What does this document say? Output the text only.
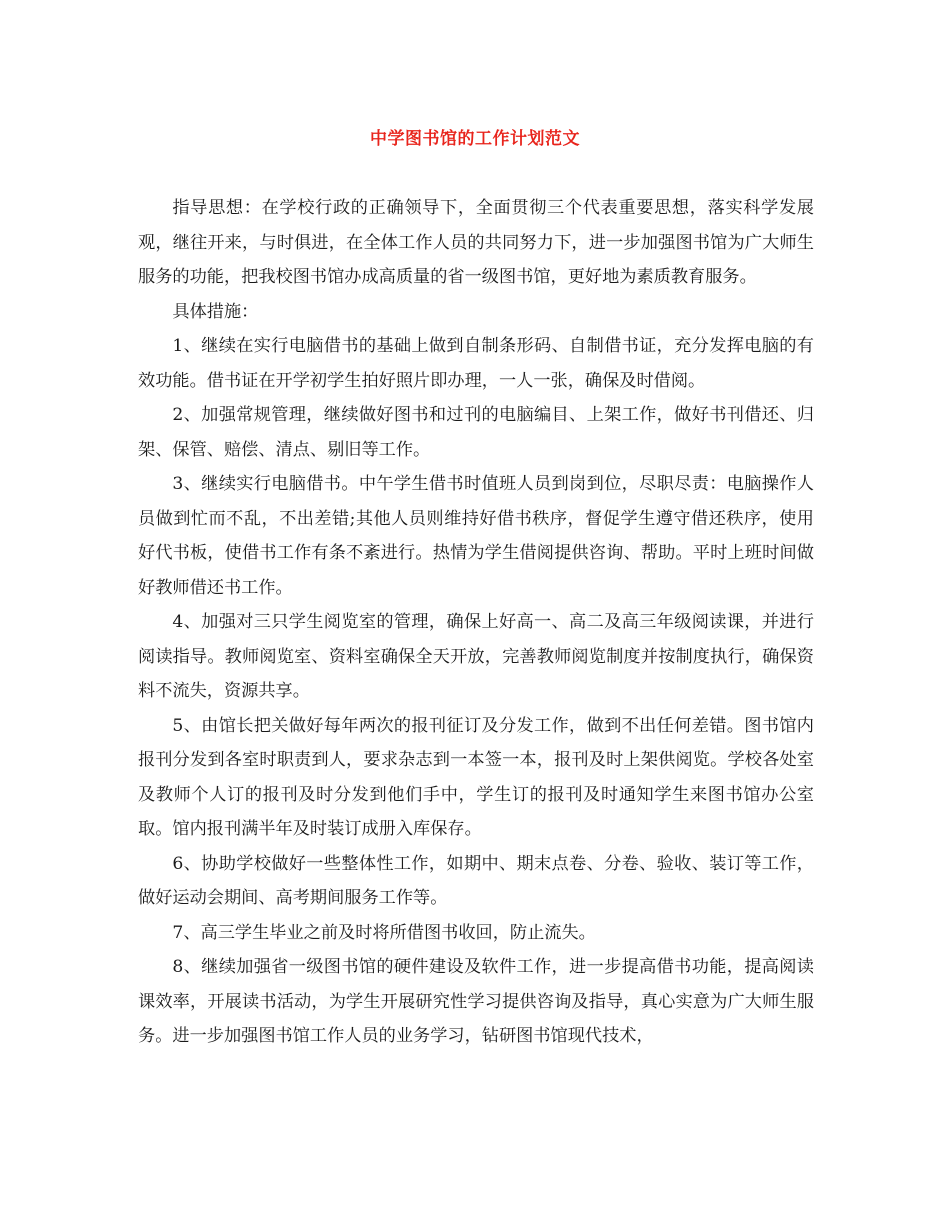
中学图书馆的工作计划范文

指导思想：在学校行政的正确领导下，全面贯彻三个代表重要思想，落实科学发展观，继往开来，与时俱进，在全体工作人员的共同努力下，进一步加强图书馆为广大师生服务的功能，把我校图书馆办成高质量的省一级图书馆，更好地为素质教育服务。

具体措施：

1、继续在实行电脑借书的基础上做到自制条形码、自制借书证，充分发挥电脑的有效功能。借书证在开学初学生拍好照片即办理，一人一张，确保及时借阅。

2、加强常规管理，继续做好图书和过刊的电脑编目、上架工作，做好书刊借还、归架、保管、赔偿、清点、剔旧等工作。

3、继续实行电脑借书。中午学生借书时值班人员到岗到位，尽职尽责：电脑操作人员做到忙而不乱，不出差错;其他人员则维持好借书秩序，督促学生遵守借还秩序，使用好代书板，使借书工作有条不紊进行。热情为学生借阅提供咨询、帮助。平时上班时间做好教师借还书工作。

4、加强对三只学生阅览室的管理，确保上好高一、高二及高三年级阅读课，并进行阅读指导。教师阅览室、资料室确保全天开放，完善教师阅览制度并按制度执行，确保资料不流失，资源共享。

5、由馆长把关做好每年两次的报刊征订及分发工作，做到不出任何差错。图书馆内报刊分发到各室时职责到人，要求杂志到一本签一本，报刊及时上架供阅览。学校各处室及教师个人订的报刊及时分发到他们手中，学生订的报刊及时通知学生来图书馆办公室取。馆内报刊满半年及时装订成册入库保存。

6、协助学校做好一些整体性工作，如期中、期末点卷、分卷、验收、装订等工作，做好运动会期间、高考期间服务工作等。

7、高三学生毕业之前及时将所借图书收回，防止流失。

8、继续加强省一级图书馆的硬件建设及软件工作，进一步提高借书功能，提高阅读课效率，开展读书活动，为学生开展研究性学习提供咨询及指导，真心实意为广大师生服务。进一步加强图书馆工作人员的业务学习，钻研图书馆现代技术，
